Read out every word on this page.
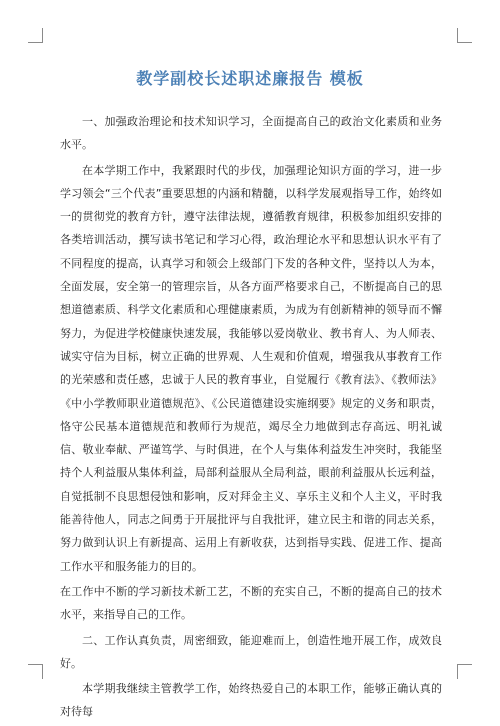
教学副校长述职述廉报告 模板

一、加强政治理论和技术知识学习，全面提高自己的政治文化素质和业务水平。

在本学期工作中，我紧跟时代的步伐，加强理论知识方面的学习，进一步学习领会“三个代表”重要思想的内涵和精髓，以科学发展观指导工作，始终如一的贯彻党的教育方针，遵守法律法规，遵循教育规律，积极参加组织安排的各类培训活动，撰写读书笔记和学习心得，政治理论水平和思想认识水平有了不同程度的提高，认真学习和领会上级部门下发的各种文件，坚持以人为本，全面发展，安全第一的管理宗旨，从各方面严格要求自己，不断提高自己的思想道德素质、科学文化素质和心理健康素质，为成为有创新精神的领导而不懈努力，为促进学校健康快速发展，我能够以爱岗敬业、教书育人、为人师表、诚实守信为目标，树立正确的世界观、人生观和价值观，增强我从事教育工作的光荣感和责任感，忠诚于人民的教育事业，自觉履行《教育法》、《教师法》《中小学教师职业道德规范》、《公民道德建设实施纲要》规定的义务和职责，恪守公民基本道德规范和教师行为规范，竭尽全力地做到志存高远、明礼诚信、敬业奉献、严谨笃学、与时俱进，在个人与集体利益发生冲突时，我能坚持个人利益服从集体利益，局部利益服从全局利益，眼前利益服从长远利益，自觉抵制不良思想侵蚀和影响，反对拜金主义、享乐主义和个人主义，平时我能善待他人，同志之间勇于开展批评与自我批评，建立民主和谐的同志关系，努力做到认识上有新提高、运用上有新收获，达到指导实践、促进工作、提高工作水平和服务能力的目的。

在工作中不断的学习新技术新工艺，不断的充实自己，不断的提高自己的技术水平，来指导自己的工作。

二、工作认真负责，周密细致，能迎难而上，创造性地开展工作，成效良好。

本学期我继续主管教学工作，始终热爱自己的本职工作，能够正确认真的对待每
